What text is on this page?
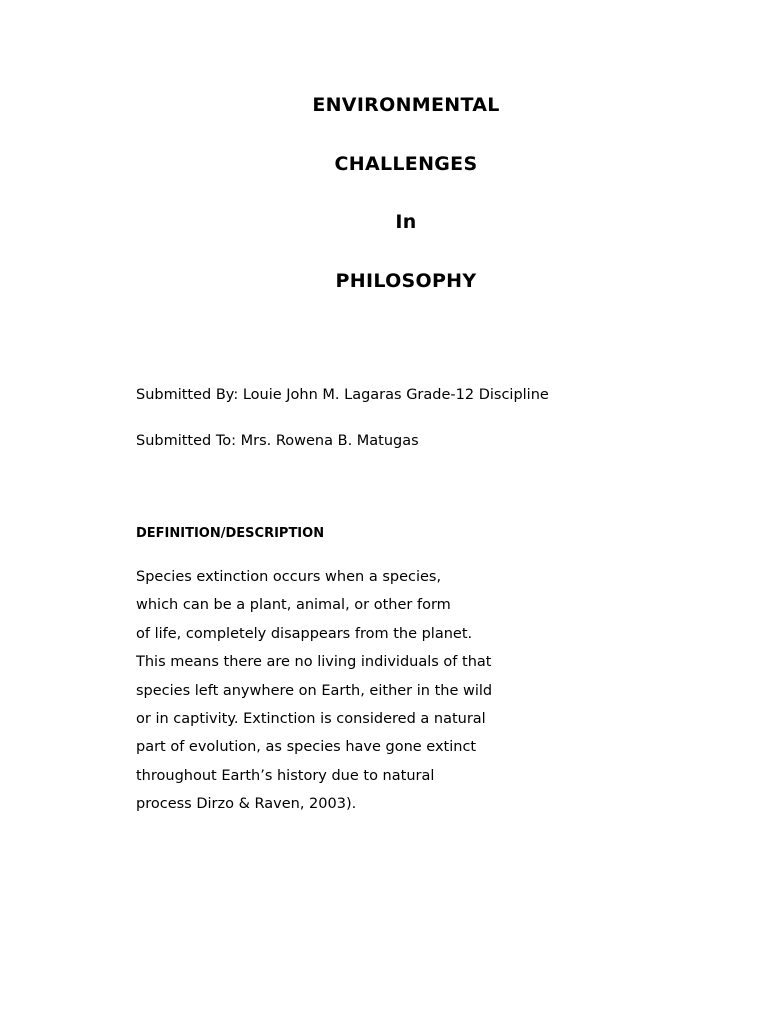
ENVIRONMENTAL
CHALLENGES
In
PHILOSOPHY
Submitted By: Louie John M. Lagaras Grade-12 Discipline
Submitted To: Mrs. Rowena B. Matugas
DEFINITION/DESCRIPTION
Species extinction occurs when a species,
which can be a plant, animal, or other form
of life, completely disappears from the planet.
This means there are no living individuals of that
species left anywhere on Earth, either in the wild
or in captivity. Extinction is considered a natural
part of evolution, as species have gone extinct
throughout Earth’s history due to natural
process Dirzo & Raven, 2003).
